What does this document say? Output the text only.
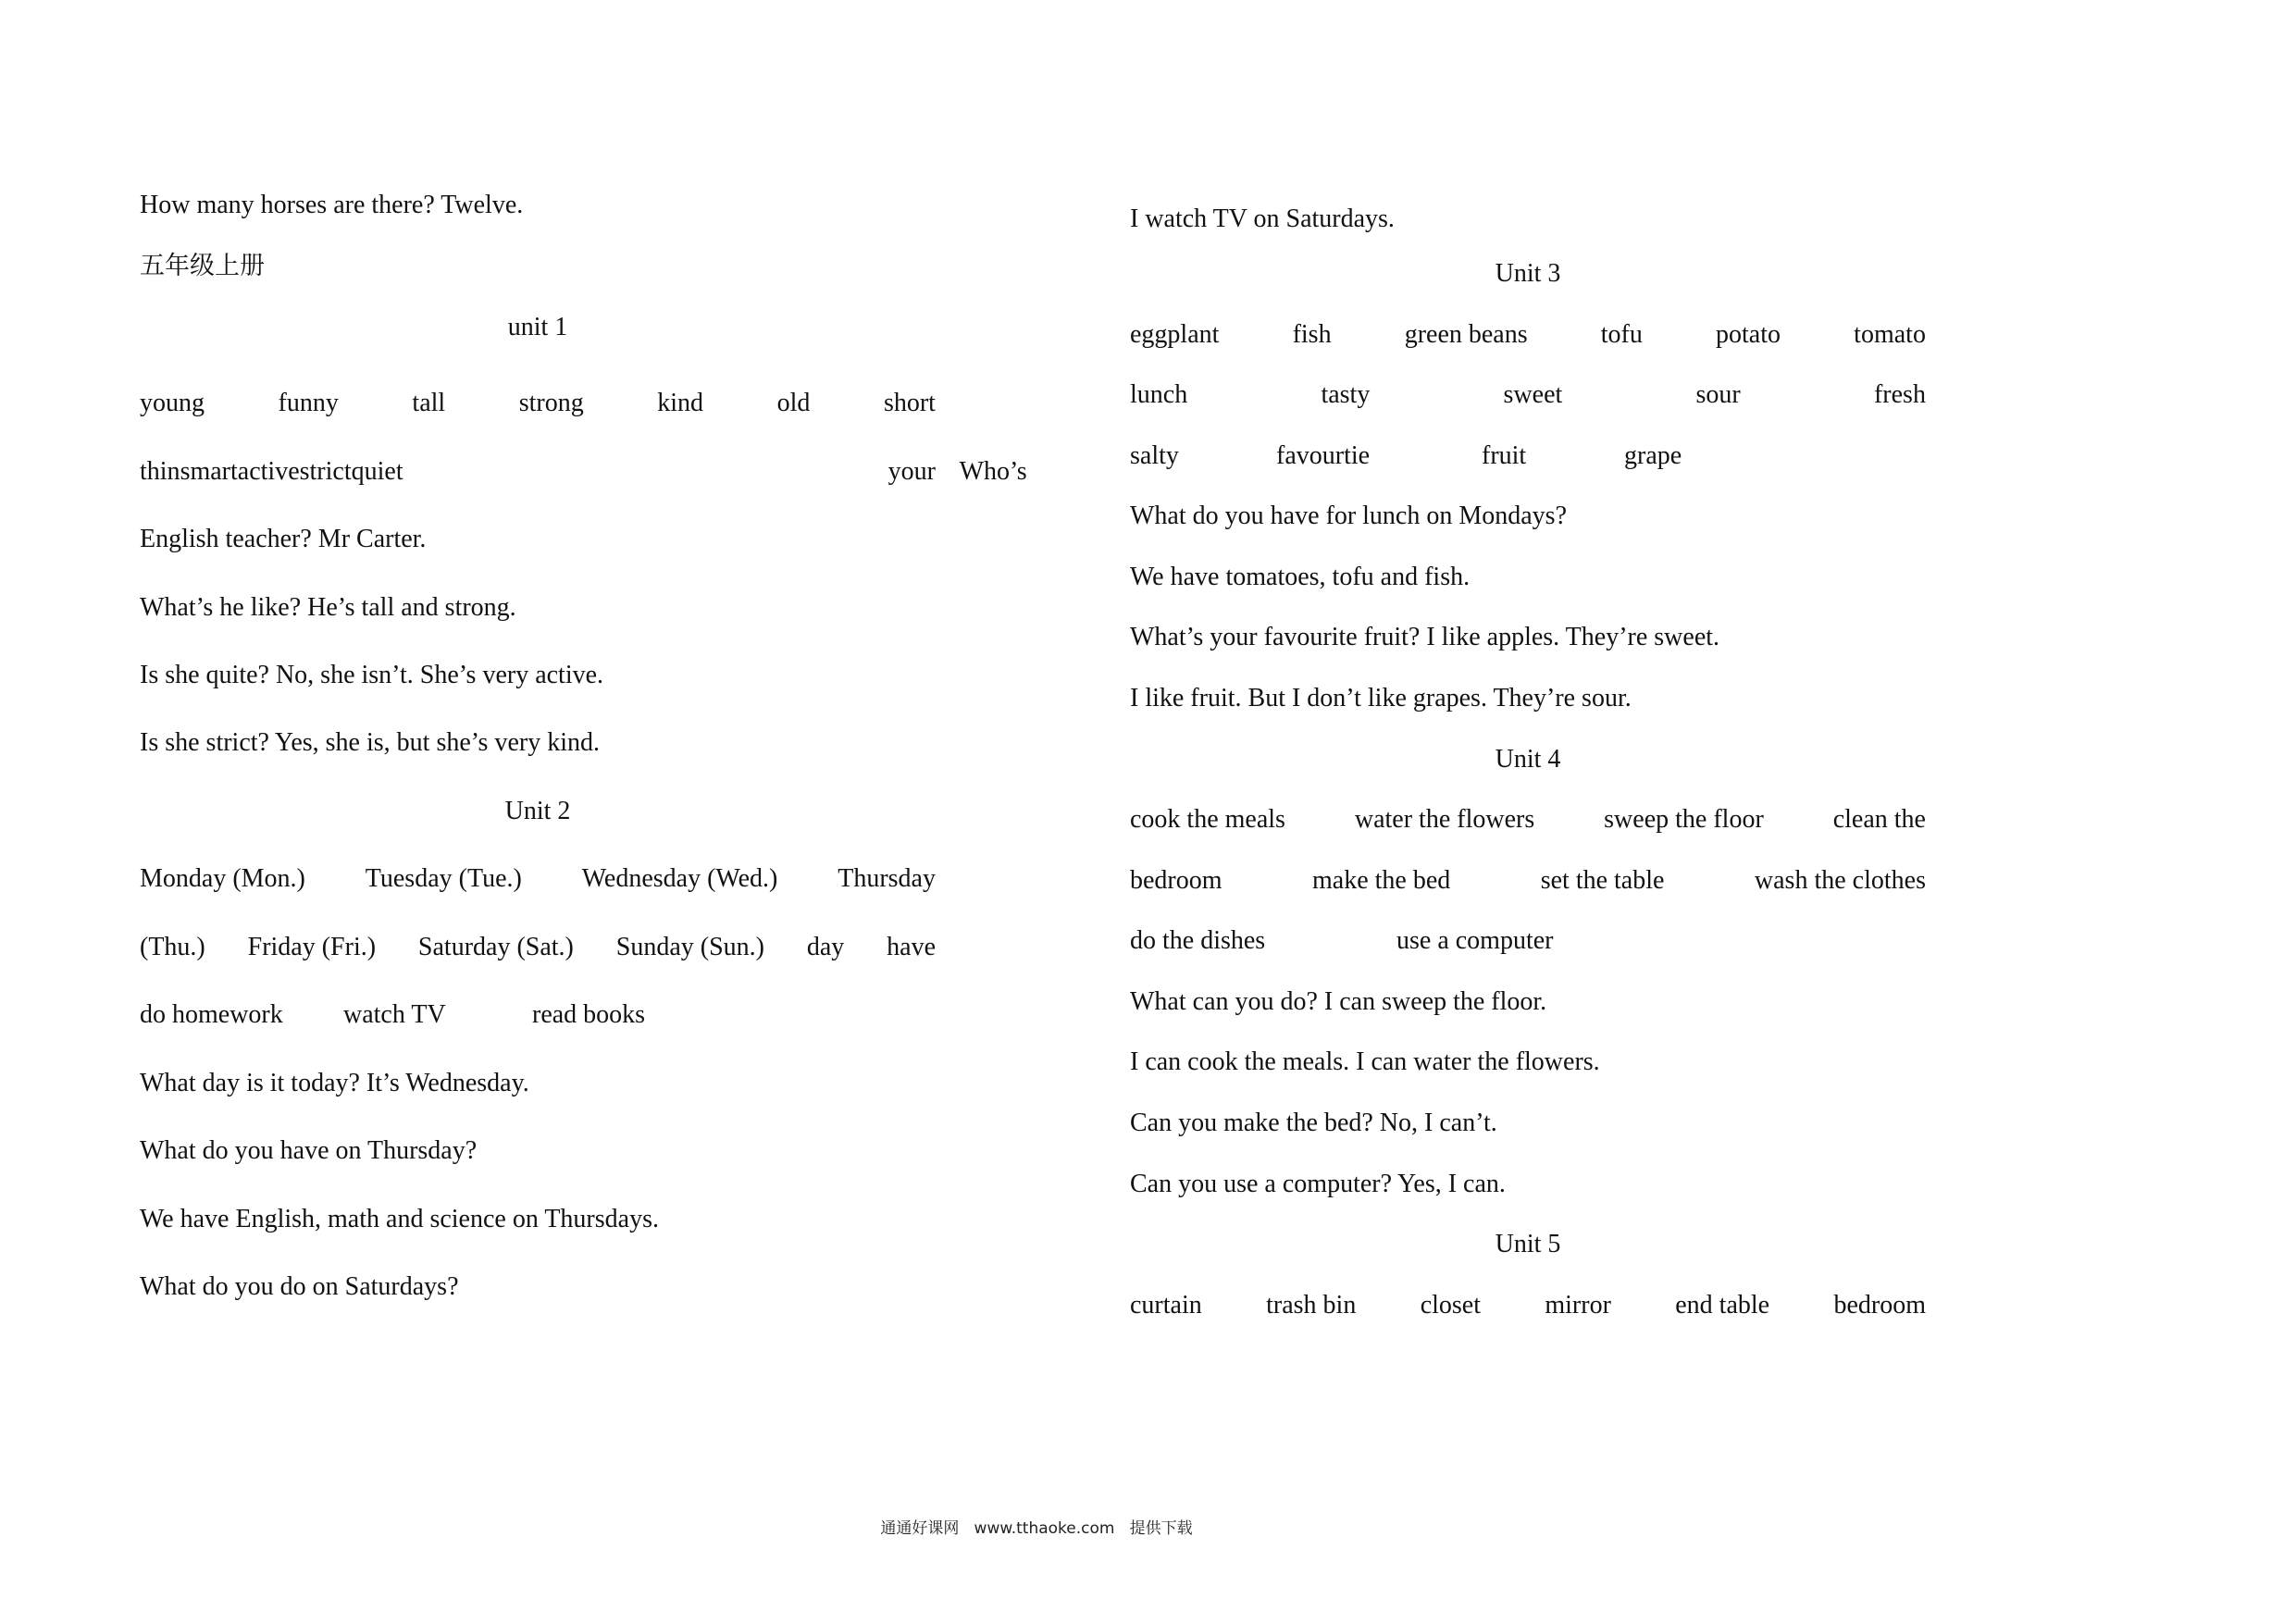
How many horses are there? Twelve.
五年级上册
unit 1
young	funny	tall	strong	kind	old	short
thin smart active strict quiet	Who’s
your
English teacher? Mr Carter.
What’s he like? He’s tall and strong.
Is she quite? No, she isn’t. She’s very active.
Is she strict? Yes, she is, but she’s very kind.
Unit 2
Monday (Mon.) Tuesday (Tue.) Wednesday (Wed.) Thursday
(Thu.) Friday (Fri.) Saturday (Sat.) Sunday (Sun.) day have
do homework watch TV	read books
What day is it today? It’s Wednesday.
What do you have on Thursday?
We have English, math and science on Thursdays.
What do you do on Saturdays?
I watch TV on Saturdays.
Unit 3
eggplant	fish	green beans	tofu	potato	tomato
lunch	tasty	sweet	sour	fresh
salty	favourtie	fruit	grape
What do you have for lunch on Mondays?
We have tomatoes, tofu and fish.
What’s your favourite fruit? I like apples. They’re sweet.
I like fruit. But I don’t like grapes. They’re sour.
Unit 4
cook the meals	water the flowers	sweep the floor	clean the
bedroom	make the bed	set the table	wash the clothes
do the dishes	use a computer
What can you do? I can sweep the floor.
I can cook the meals. I can water the flowers.
Can you make the bed? No, I can’t.
Can you use a computer? Yes, I can.
Unit 5
curtain trash bin closet mirror end table bedroom
通通好课网   www.tthaoke.com   提供下载
